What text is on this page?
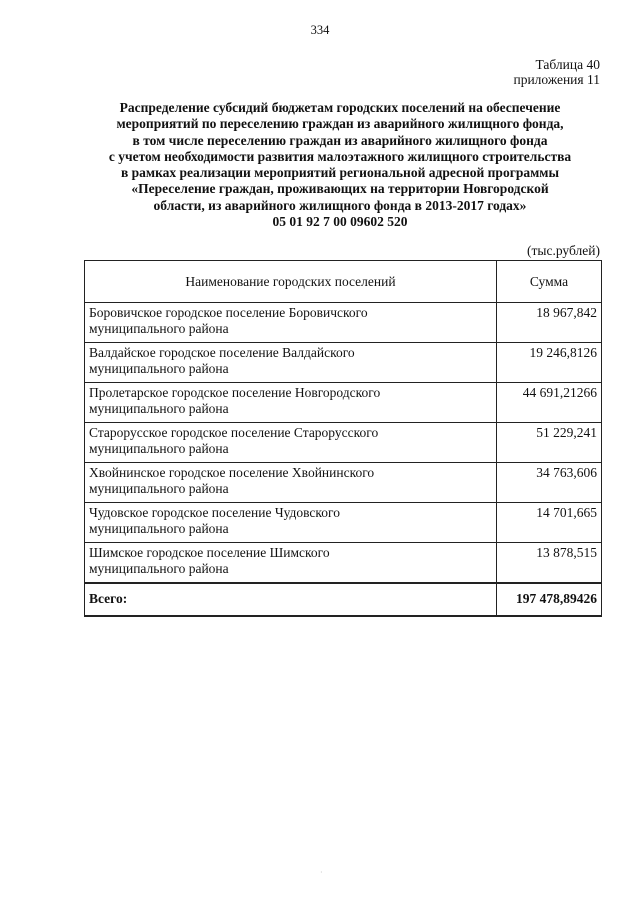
334
Таблица 40
приложения 11
Распределение субсидий бюджетам городских поселений на обеспечение
мероприятий по переселению граждан из аварийного жилищного фонда,
в том числе переселению граждан из аварийного жилищного фонда
с учетом необходимости развития малоэтажного жилищного строительства
в рамках реализации мероприятий региональной адресной программы
«Переселение граждан, проживающих на территории Новгородской
области, из аварийного жилищного фонда в 2013-2017 годах»
05 01 92 7 00 09602 520
(тыс.рублей)
Наименование городских поселений	Сумма

Боровичское городское поселение Боровичского
муниципального района	18 967,842

Валдайское городское поселение Валдайского
муниципального района	19 246,8126

Пролетарское городское поселение Новгородского
муниципального района	44 691,21266

Старорусское городское поселение Старорусского
муниципального района	51 229,241

Хвойнинское городское поселение Хвойнинского
муниципального района	34 763,606

Чудовское городское поселение Чудовского
муниципального района	14 701,665

Шимское городское поселение Шимского
муниципального района	13 878,515
Всего:	197 478,89426
·
